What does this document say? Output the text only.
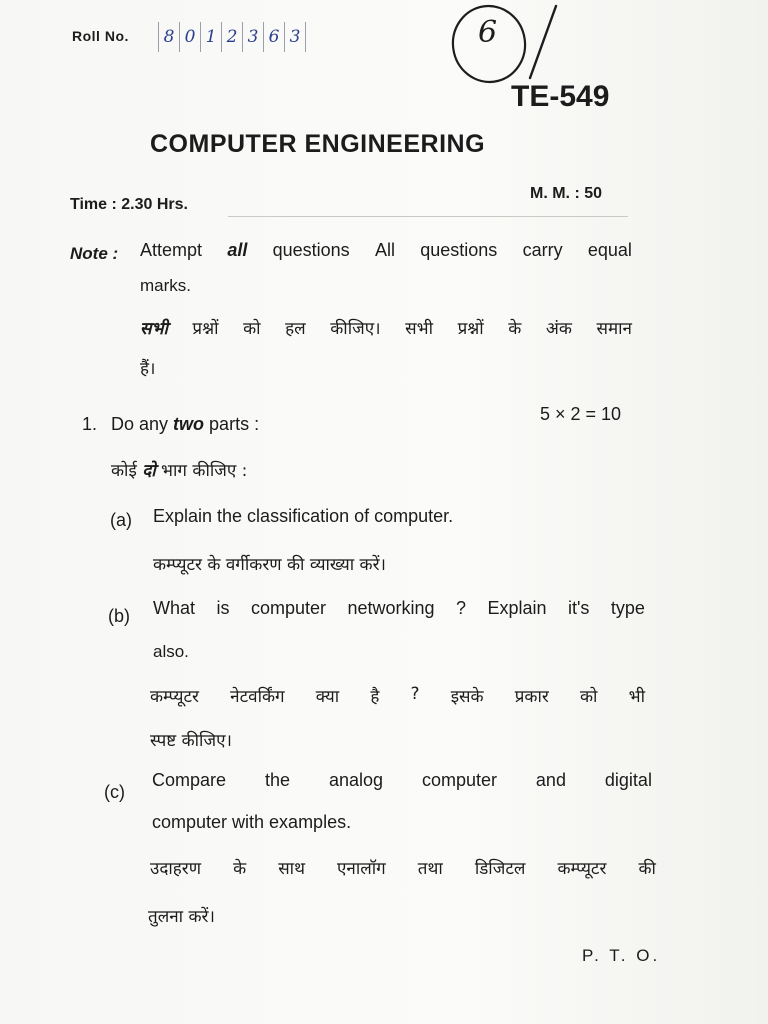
Roll No.	8 0 1 2 3 6 3	6
TE-549
COMPUTER ENGINEERING
Time : 2.30 Hrs.
M. M. : 50
Note : Attempt all questions All questions carry equal
marks.
सभी प्रश्नों को हल कीजिए। सभी प्रश्नों के अंक समान
हैं।
1. Do any two parts :	5 × 2 = 10
कोई दो भाग कीजिए :
(a) Explain the classification of computer.
कम्प्यूटर के वर्गीकरण की व्याख्या करें।
(b) What is computer networking ? Explain it's type
also.
कम्प्यूटर नेटवर्किंग क्या है ? इसके प्रकार को भी
स्पष्ट कीजिए।
(c)
Compare the analog computer and digital
computer with examples.
उदाहरण के साथ एनालॉग तथा डिजिटल कम्प्यूटर की
तुलना करें।
P. T. O.
